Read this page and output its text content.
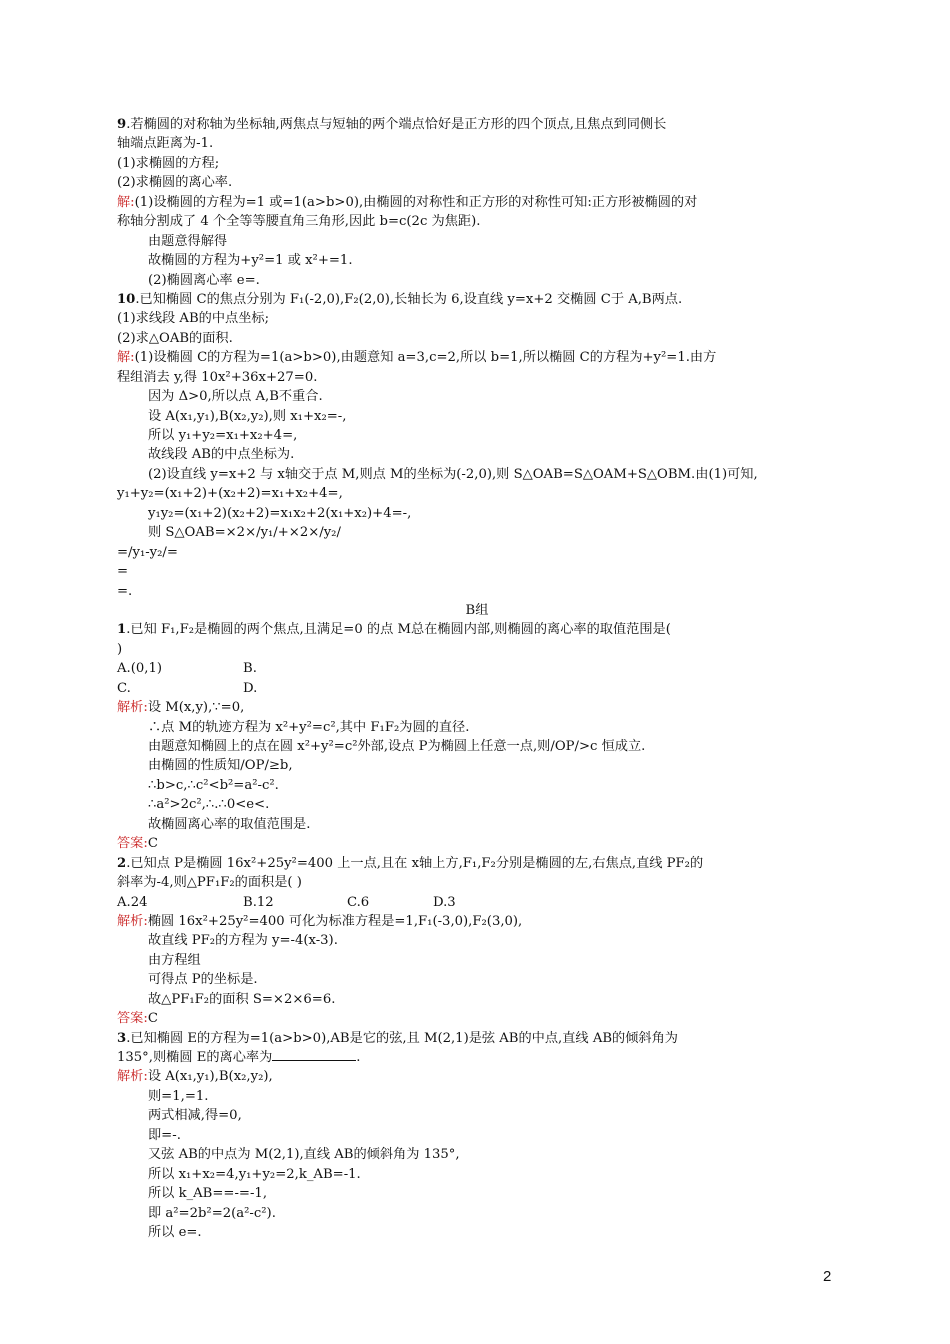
9.若椭圆的对称轴为坐标轴,两焦点与短轴的两个端点恰好是正方形的四个顶点,且焦点到同侧长
轴端点距离为-1.
(1)求椭圆的方程;
(2)求椭圆的离心率.
解:(1)设椭圆的方程为=1 或=1(a>b>0),由椭圆的对称性和正方形的对称性可知:正方形被椭圆的对
称轴分割成了 4 个全等等腰直角三角形,因此 b=c(2c 为焦距).
由题意得解得
故椭圆的方程为+y²=1 或 x²+=1.
(2)椭圆离心率 e=.
10.已知椭圆 C的焦点分别为 F₁(-2,0),F₂(2,0),长轴长为 6,设直线 y=x+2 交椭圆 C于 A,B两点.
(1)求线段 AB的中点坐标;
(2)求△OAB的面积.
解:(1)设椭圆 C的方程为=1(a>b>0),由题意知 a=3,c=2,所以 b=1,所以椭圆 C的方程为+y²=1.由方
程组消去 y,得 10x²+36x+27=0.
因为 Δ>0,所以点 A,B不重合.
设 A(x₁,y₁),B(x₂,y₂),则 x₁+x₂=-,
所以 y₁+y₂=x₁+x₂+4=,
故线段 AB的中点坐标为.
(2)设直线 y=x+2 与 x轴交于点 M,则点 M的坐标为(-2,0),则 S△OAB=S△OAM+S△OBM.由(1)可知,
y₁+y₂=(x₁+2)+(x₂+2)=x₁+x₂+4=,
y₁y₂=(x₁+2)(x₂+2)=x₁x₂+2(x₁+x₂)+4=-,
则 S△OAB=×2×/y₁/+×2×/y₂/
=/y₁-y₂/=
=
=.
B组
1.已知 F₁,F₂是椭圆的两个焦点,且满足=0 的点 M总在椭圆内部,则椭圆的离心率的取值范围是(
)
A.(0,1)	B.
C.	D.
解析:设 M(x,y),∵=0,
∴点 M的轨迹方程为 x²+y²=c²,其中 F₁F₂为圆的直径.
由题意知椭圆上的点在圆 x²+y²=c²外部,设点 P为椭圆上任意一点,则/OP/>c 恒成立.
由椭圆的性质知/OP/≥b,
∴b>c,∴c²<b²=a²-c².
∴a²>2c²,∴.∴0<e<.
故椭圆离心率的取值范围是.
答案:C
2.已知点 P是椭圆 16x²+25y²=400 上一点,且在 x轴上方,F₁,F₂分别是椭圆的左,右焦点,直线 PF₂的
斜率为-4,则△PF₁F₂的面积是( )
A.24	B.12	C.6	D.3
解析:椭圆 16x²+25y²=400 可化为标准方程是=1,F₁(-3,0),F₂(3,0),
故直线 PF₂的方程为 y=-4(x-3).
由方程组
可得点 P的坐标是.
故△PF₁F₂的面积 S=×2×6=6.
答案:C
3.已知椭圆 E的方程为=1(a>b>0),AB是它的弦,且 M(2,1)是弦 AB的中点,直线 AB的倾斜角为
135°,则椭圆 E的离心率为	.
解析:设 A(x₁,y₁),B(x₂,y₂),
则=1,=1.
两式相减,得=0,
即=-.
又弦 AB的中点为 M(2,1),直线 AB的倾斜角为 135°,
所以 x₁+x₂=4,y₁+y₂=2,k_AB=-1.
所以 k_AB==-=-1,
即 a²=2b²=2(a²-c²).
所以 e=.
2
